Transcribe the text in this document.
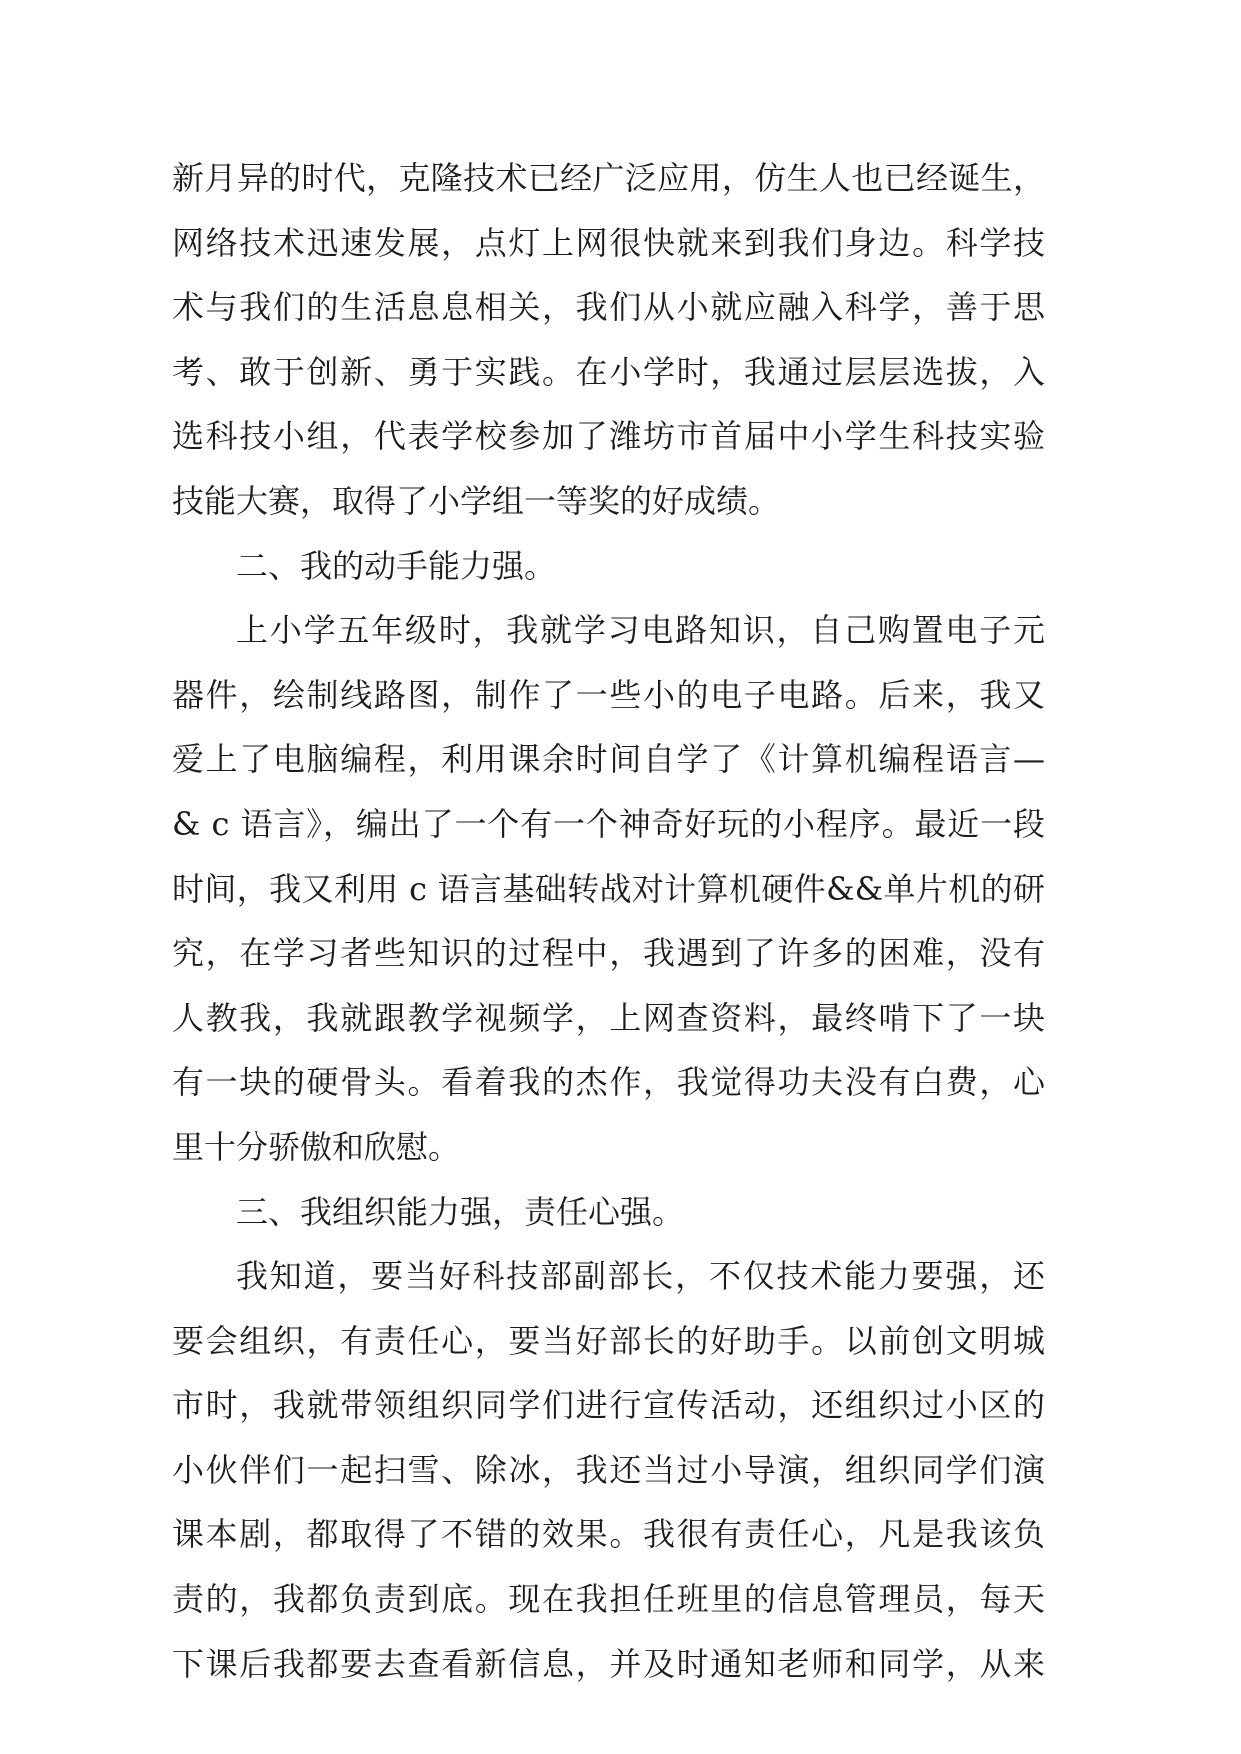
新月异的时代，克隆技术已经广泛应用，仿生人也已经诞生，
网络技术迅速发展，点灯上网很快就来到我们身边。科学技
术与我们的生活息息相关，我们从小就应融入科学，善于思
考、敢于创新、勇于实践。在小学时，我通过层层选拔，入
选科技小组，代表学校参加了潍坊市首届中小学生科技实验
技能大赛，取得了小学组一等奖的好成绩。
二、我的动手能力强。
上小学五年级时，我就学习电路知识，自己购置电子元
器件，绘制线路图，制作了一些小的电子电路。后来，我又
爱上了电脑编程，利用课余时间自学了《计算机编程语言—
& c 语言》，编出了一个有一个神奇好玩的小程序。最近一段
时间，我又利用 c 语言基础转战对计算机硬件&&单片机的研
究，在学习者些知识的过程中，我遇到了许多的困难，没有
人教我，我就跟教学视频学，上网查资料，最终啃下了一块
有一块的硬骨头。看着我的杰作，我觉得功夫没有白费，心
里十分骄傲和欣慰。
三、我组织能力强，责任心强。
我知道，要当好科技部副部长，不仅技术能力要强，还
要会组织，有责任心，要当好部长的好助手。以前创文明城
市时，我就带领组织同学们进行宣传活动，还组织过小区的
小伙伴们一起扫雪、除冰，我还当过小导演，组织同学们演
课本剧，都取得了不错的效果。我很有责任心，凡是我该负
责的，我都负责到底。现在我担任班里的信息管理员，每天
下课后我都要去查看新信息，并及时通知老师和同学，从来
